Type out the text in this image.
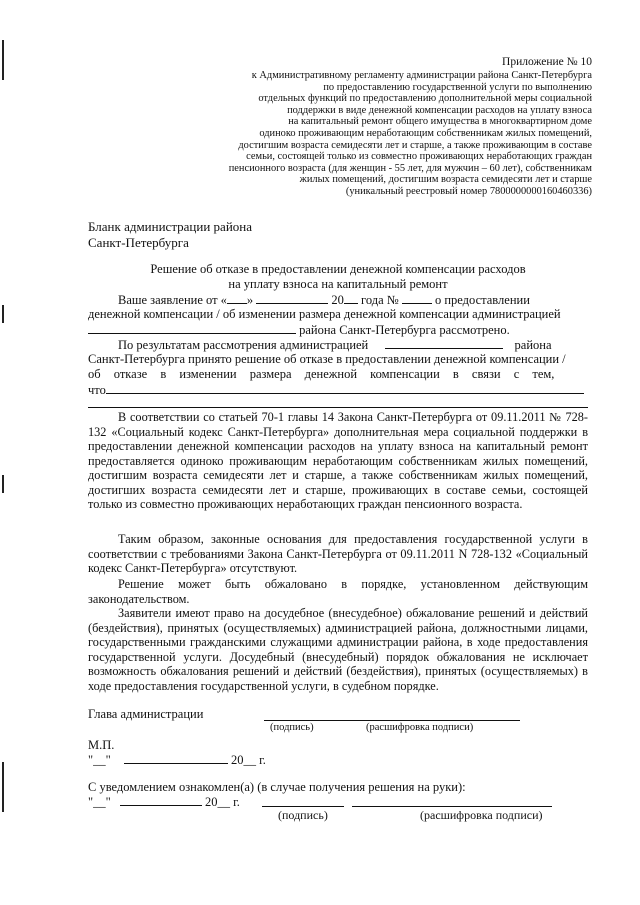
Приложение № 10
к Административному регламенту администрации района Санкт-Петербурга
по предоставлению государственной услуги по выполнению
отдельных функций по предоставлению дополнительной меры социальной
поддержки в виде денежной компенсации расходов на уплату взноса
на капитальный ремонт общего имущества в многоквартирном доме
одиноко проживающим неработающим собственникам жилых помещений,
достигшим возраста семидесяти лет и старше, а также проживающим в составе
семьи, состоящей только из совместно проживающих неработающих граждан
пенсионного возраста (для женщин - 55 лет, для мужчин – 60 лет), собственникам
жилых помещений, достигшим возраста семидесяти лет и старше
(уникальный реестровый номер 7800000000160460336)
Бланк администрации района
Санкт-Петербурга
Решение об отказе в предоставлении денежной компенсации расходов
на уплату взноса на капитальный ремонт
Ваше заявление от « »	20 года №	о предоставлении
денежной компенсации / об изменении размера денежной компенсации администрацией
района Санкт-Петербурга рассмотрено.
По результатам рассмотрения администрацией	района
Санкт-Петербурга принято решение об отказе в предоставлении денежной компенсации /
об отказе в изменении размера денежной компенсации в связи с тем,
что
В соответствии со статьей 70-1 главы 14 Закона Санкт-Петербурга от 09.11.2011 № 728-132 «Социальный кодекс Санкт-Петербурга» дополнительная мера социальной поддержки в предоставлении денежной компенсации расходов на уплату взноса на капитальный ремонт предоставляется одиноко проживающим неработающим собственникам жилых помещений, достигшим возраста семидесяти лет и старше, а также собственникам жилых помещений, достигших возраста семидесяти лет и старше, проживающих в составе семьи, состоящей только из совместно проживающих неработающих граждан пенсионного возраста.
Таким образом, законные основания для предоставления государственной услуги в соответствии с требованиями Закона Санкт-Петербурга от 09.11.2011 N 728-132 «Социальный кодекс Санкт-Петербурга» отсутствуют.
Решение может быть обжаловано в порядке, установленном действующим законодательством.
Заявители имеют право на досудебное (внесудебное) обжалование решений и действий (бездействия), принятых (осуществляемых) администрацией района, должностными лицами, государственными гражданскими служащими администрации района, в ходе предоставления государственной услуги. Досудебный (внесудебный) порядок обжалования не исключает возможность обжалования решений и действий (бездействия), принятых (осуществляемых) в ходе предоставления государственной услуги, в судебном порядке.
Глава администрации
(подпись)	(расшифровка подписи)
М.П.
"__"	20__ г.
С уведомлением ознакомлен(а) (в случае получения решения на руки):
"__"	20__ г.
(подпись)	(расшифровка подписи)
